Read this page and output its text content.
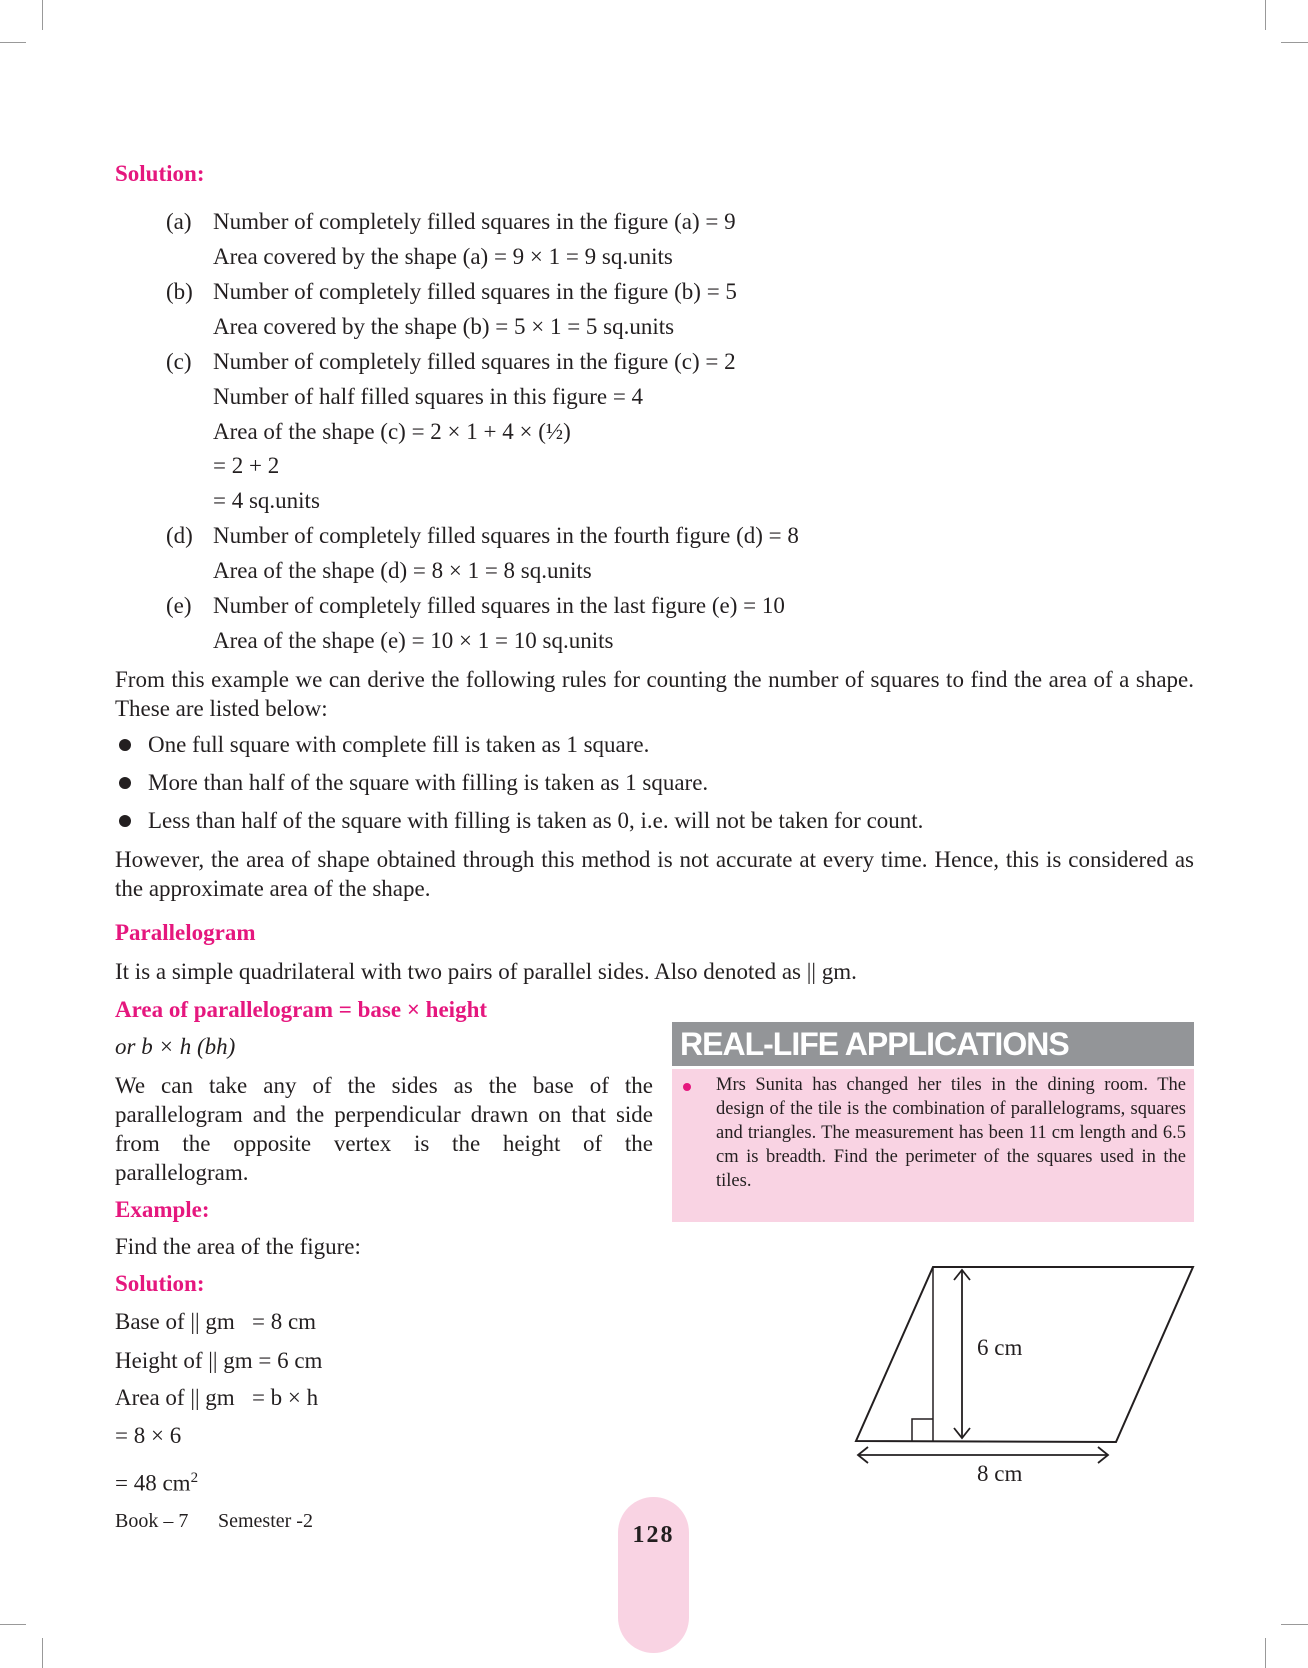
Solution:
(a) Number of completely filled squares in the figure (a) = 9
Area covered by the shape (a) = 9 × 1 = 9 sq.units
(b) Number of completely filled squares in the figure (b) = 5
Area covered by the shape (b) = 5 × 1 = 5 sq.units
(c) Number of completely filled squares in the figure (c) = 2
Number of half filled squares in this figure = 4
Area of the shape (c) = 2 × 1 + 4 × (½)
= 2 + 2
= 4 sq.units
(d) Number of completely filled squares in the fourth figure (d) = 8
Area of the shape (d) = 8 × 1 = 8 sq.units
(e) Number of completely filled squares in the last figure (e) = 10
Area of the shape (e) = 10 × 1 = 10 sq.units
From this example we can derive the following rules for counting the number of squares to find the area of a shape. These are listed below:
One full square with complete fill is taken as 1 square.
More than half of the square with filling is taken as 1 square.
Less than half of the square with filling is taken as 0, i.e. will not be taken for count.
However, the area of shape obtained through this method is not accurate at every time. Hence, this is considered as the approximate area of the shape.
Parallelogram
It is a simple quadrilateral with two pairs of parallel sides. Also denoted as || gm.
Area of parallelogram = base × height
or b × h (bh)
We can take any of the sides as the base of the parallelogram and the perpendicular drawn on that side from the opposite vertex is the height of the parallelogram.
Example:
Find the area of the figure:
Solution:
Base of || gm   = 8 cm
Height of || gm = 6 cm
Area of || gm   = b × h
= 8 × 6
= 48 $cm^2$
REAL-LIFE APPLICATIONS
Mrs Sunita has changed her tiles in the dining room. The design of the tile is the combination of parallelograms, squares and triangles. The measurement has been 11 cm length and 6.5 cm is breadth. Find the perimeter of the squares used in the tiles.
6 cm
8 cm
Book – 7 Semester -2
128
